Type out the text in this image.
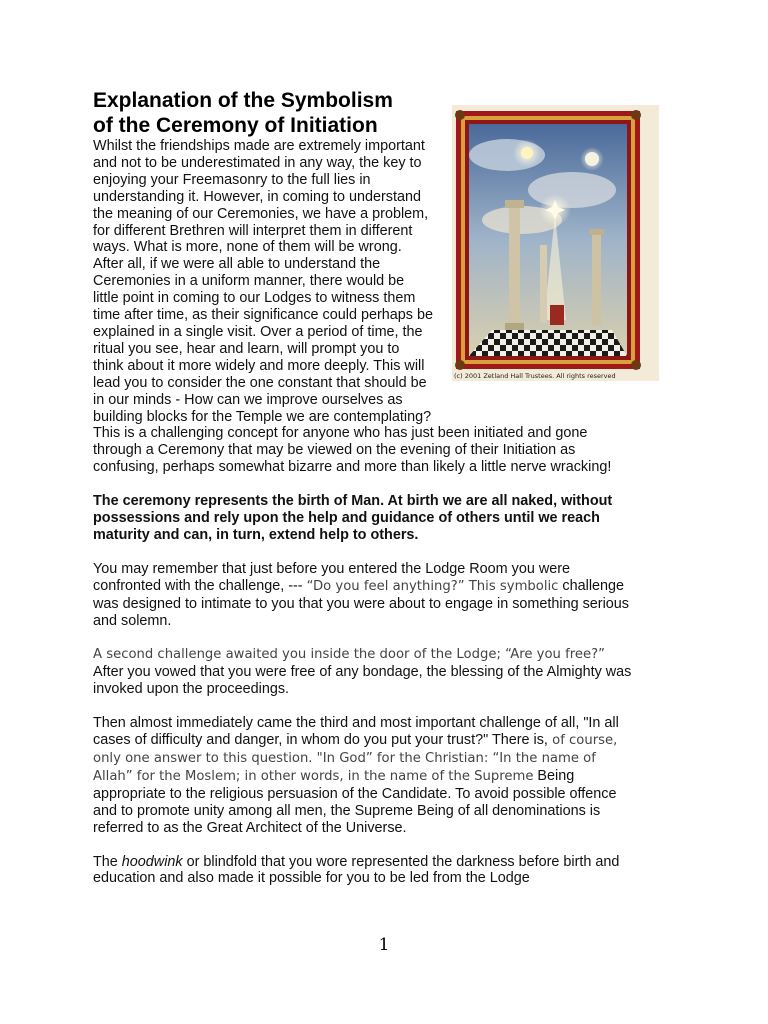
Explanation of the Symbolism
of the Ceremony of Initiation

Whilst the friendships made are extremely important and not to be underestimated in any way, the key to enjoying your Freemasonry to the full lies in understanding it. However, in coming to understand the meaning of our Ceremonies, we have a problem, for different Brethren will interpret them in different ways. What is more, none of them will be wrong. After all, if we were all able to understand the Ceremonies in a uniform manner, there would be little point in coming to our Lodges to witness them time after time, as their significance could perhaps be explained in a single visit. Over a period of time, the ritual you see, hear and learn, will prompt you to think about it more widely and more deeply. This will lead you to consider the one constant that should be in our minds - How can we improve ourselves as building blocks for the Temple we are contemplating?

This is a challenging concept for anyone who has just been initiated and gone through a Ceremony that may be viewed on the evening of their Initiation as confusing, perhaps somewhat bizarre and more than likely a little nerve wracking!

The ceremony represents the birth of Man. At birth we are all naked, without possessions and rely upon the help and guidance of others until we reach maturity and can, in turn, extend help to others.

You may remember that just before you entered the Lodge Room you were confronted with the challenge, --- “Do you feel anything?” This symbolic challenge was designed to intimate to you that you were about to engage in something serious and solemn.

A second challenge awaited you inside the door of the Lodge; “Are you free?”
After you vowed that you were free of any bondage, the blessing of the Almighty was invoked upon the proceedings.

Then almost immediately came the third and most important challenge of all, "In all cases of difficulty and danger, in whom do you put your trust?" There is, of course, only one answer to this question. "In God” for the Christian: “In the name of Allah” for the Moslem; in other words, in the name of the Supreme Being appropriate to the religious persuasion of the Candidate. To avoid possible offence and to promote unity among all men, the Supreme Being of all denominations is referred to as the Great Architect of the Universe.

The hoodwink or blindfold that you wore represented the darkness before birth and education and also made it possible for you to be led from the Lodge

(c) 2001 Zetland Hall Trustees. All rights reserved
1
